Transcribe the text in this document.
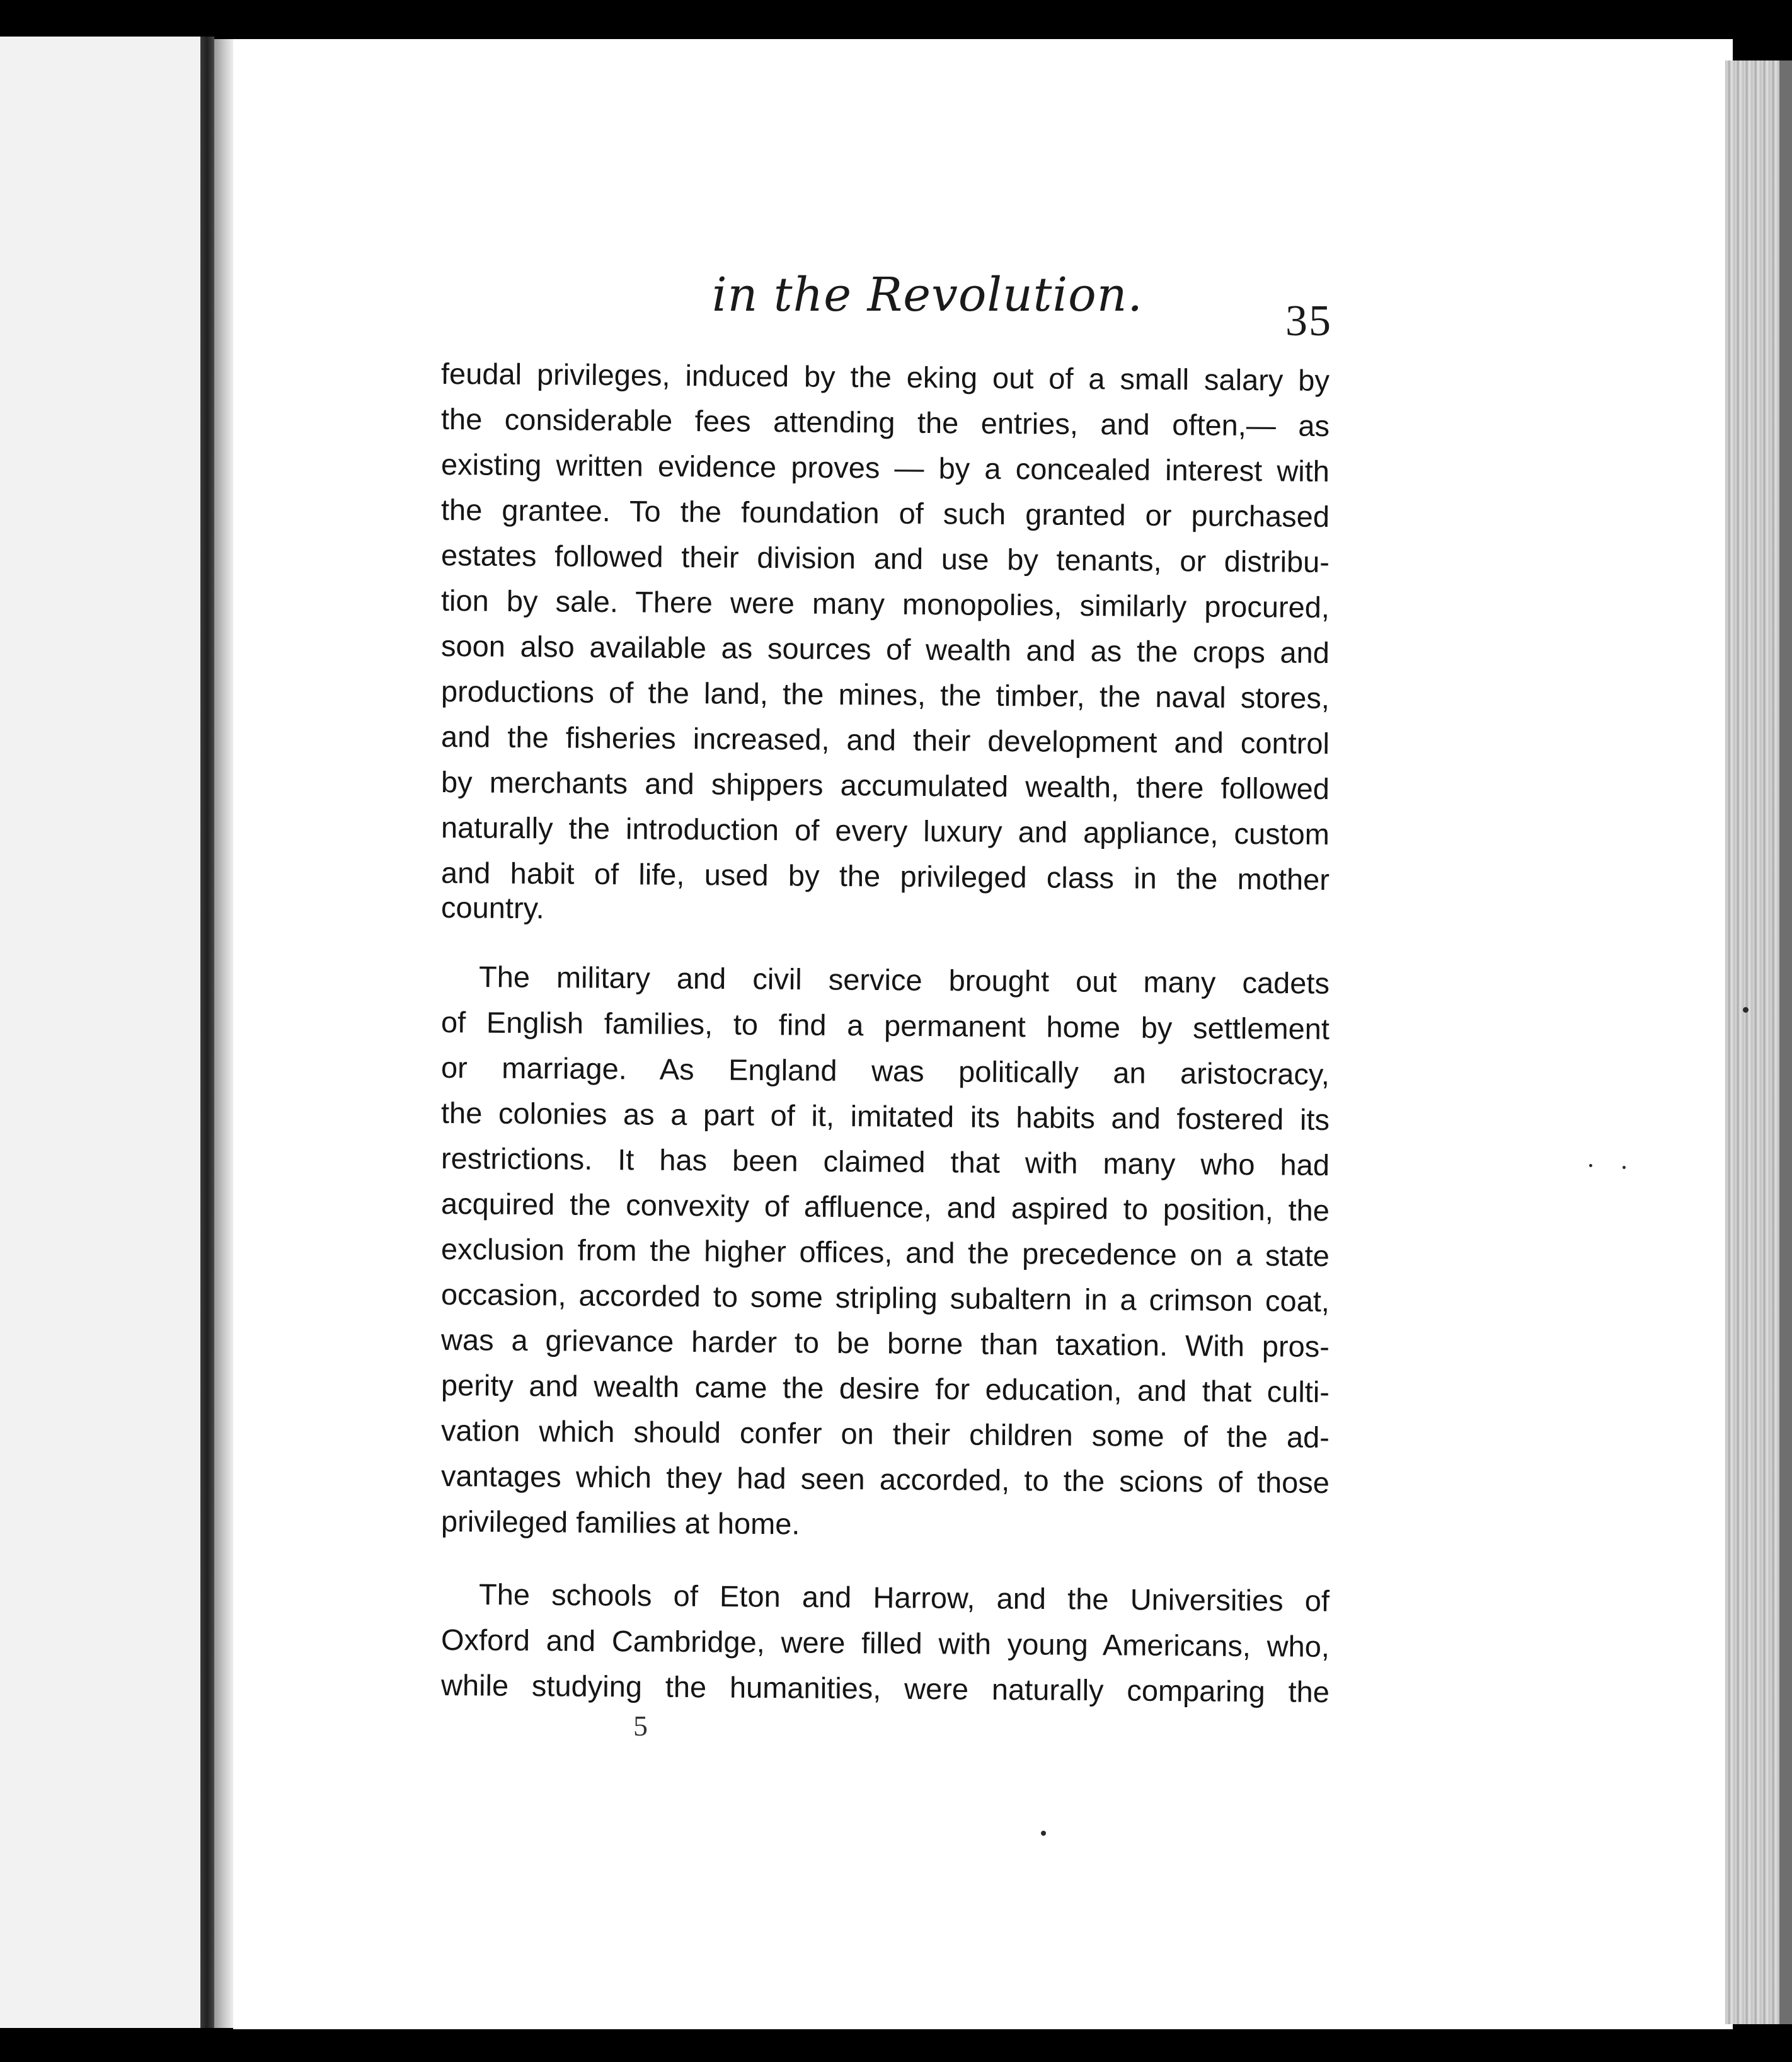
in the Revolution.	35
feudal privileges, induced by the eking out of a small salary by
the considerable fees attending the entries, and often,— as
existing written evidence proves — by a concealed interest with
the grantee. To the foundation of such granted or purchased
estates followed their division and use by tenants, or distribu-
tion by sale. There were many monopolies, similarly procured,
soon also available as sources of wealth and as the crops and
productions of the land, the mines, the timber, the naval stores,
and the fisheries increased, and their development and control
by merchants and shippers accumulated wealth, there followed
naturally the introduction of every luxury and appliance, custom
and habit of life, used by the privileged class in the mother
country.
The military and civil service brought out many cadets
of English families, to find a permanent home by settlement
or marriage. As England was politically an aristocracy,
the colonies as a part of it, imitated its habits and fostered its
restrictions. It has been claimed that with many who had
acquired the convexity of affluence, and aspired to position, the
exclusion from the higher offices, and the precedence on a state
occasion, accorded to some stripling subaltern in a crimson coat,
was a grievance harder to be borne than taxation. With pros-
perity and wealth came the desire for education, and that culti-
vation which should confer on their children some of the ad-
vantages which they had seen accorded, to the scions of those
privileged families at home.
The schools of Eton and Harrow, and the Universities of
Oxford and Cambridge, were filled with young Americans, who,
while studying the humanities, were naturally comparing the
5
